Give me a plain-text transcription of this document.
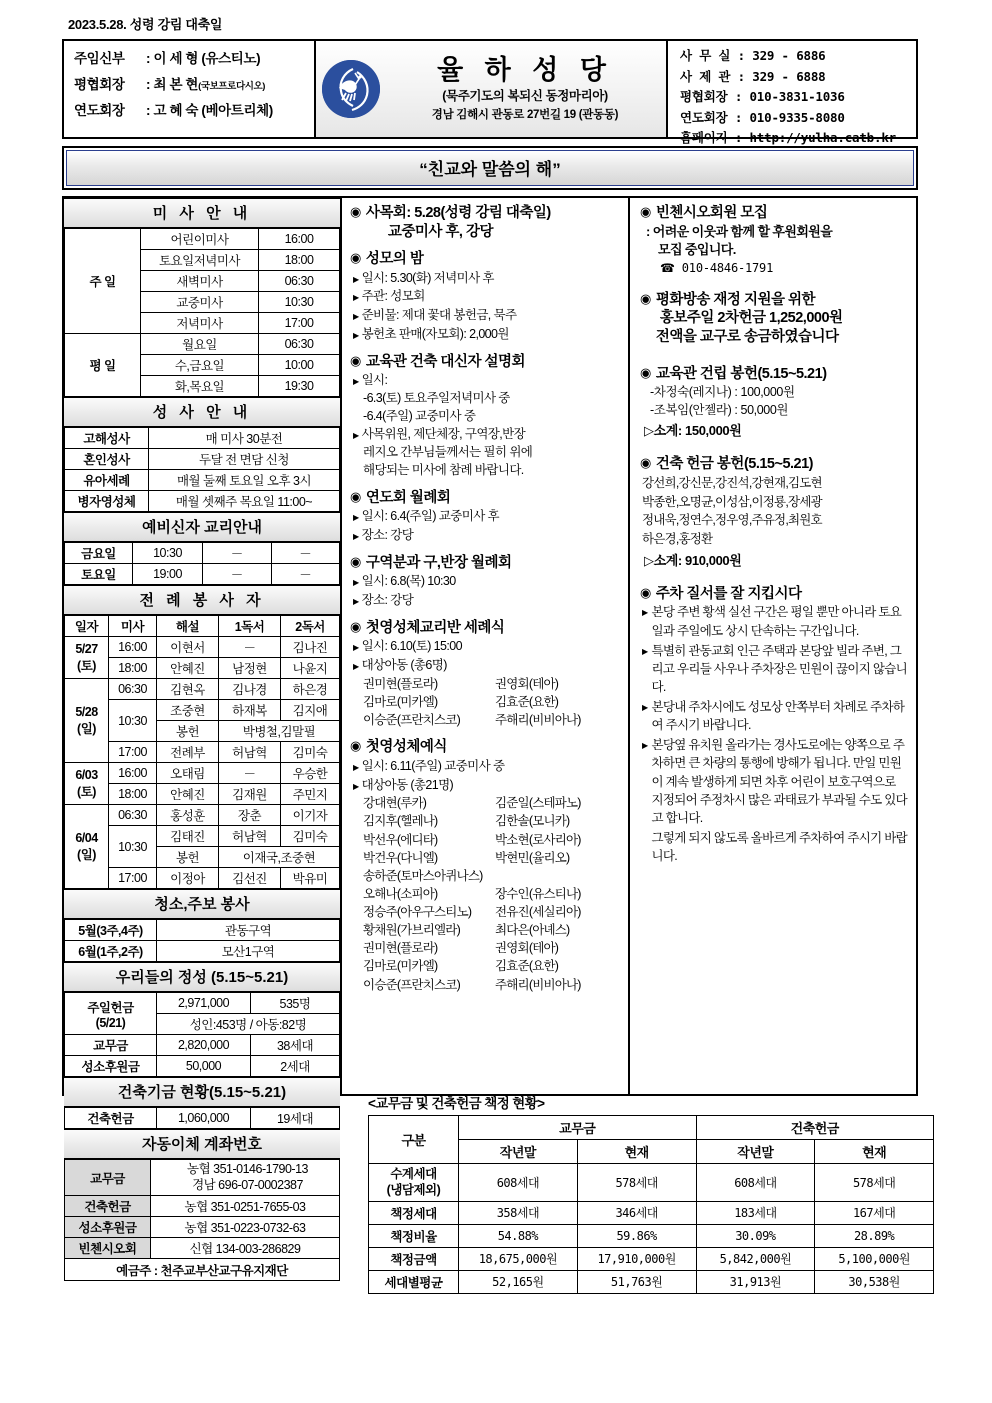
2023.5.28. 성령 강림 대축일
주임신부	: 이 세 형 (유스티노)
평협회장	: 최 본 현 (국보프로다시오)
연도회장	: 고 혜 숙 (베아트리체)
율 하 성 당
(묵주기도의 복되신 동정마리아)
경남 김해시 관동로 27번길 19 (관동동)
사 무 실 : 329 - 6886
사 제 관 : 329 - 6888
평협회장 : 010-3831-1036
연도회장 : 010-9335-8080
홈페이지 : http://yulha.catb.kr
“친교와 말씀의 해”
미 사 안 내
주 일	어린이미사	16:00
	토요일저녁미사	18:00
	새벽미사	06:30
	교중미사	10:30
	저녁미사	17:00
평 일	월요일	06:30
	수,금요일	10:00
	화,목요일	19:30
성 사 안 내
고해성사	매 미사 30분전
혼인성사	두달 전 면담 신청
유아세례	매월 둘째 토요일 오후 3시
병자영성체	매월 셋째주 목요일 11:00~
예비신자 교리안내
금요일	10:30	－	－
토요일	19:00	－	－
전 례 봉 사 자
일자	미사	해설	1독서	2독서
5/27
(토)	16:00	이현서	－	김나진
	18:00	안혜진	남정현	나윤지
5/28
(일)	06:30	김현옥	김나경	하은경
	10:30	조중현	하재복	김지애
		봉헌	박병철,김말필	
	17:00	전례부	허남혁	김미숙
6/03
(토)	16:00	오태림	－	우승한
	18:00	안혜진	김재원	주민지
6/04
(일)	06:30	홍성훈	장춘	이기자
	10:30	김태진	허남혁	김미숙
		봉헌	이재국,조중현	
	17:00	이정아	김선진	박유미
청소,주보 봉사
5월(3주,4주)	관동구역
6월(1주,2주)	모산1구역
우리들의 정성 (5.15~5.21)
주일헌금
(5/21)	2,971,000	535명
	성인:453명 / 아동:82명	
교무금	2,820,000	38세대
성소후원금	50,000	2세대
건축기금 현황(5.15~5.21)
건축헌금	1,060,000	19세대
자동이체 계좌번호
교무금	농협 351-0146-1790-13
경남 696-07-0002387
건축헌금	농협 351-0251-7655-03
성소후원금	농협 351-0223-0732-63
빈첸시오회	신협 134-003-286829
예금주 : 천주교부산교구유지재단	
◉ 사목회: 5.28(성령 강림 대축일)
교중미사 후, 강당
◉ 성모의 밤
▶ 일시: 5.30(화) 저녁미사 후
▶ 주관: 성모회
▶ 준비물: 제대 꽃대 봉헌금, 묵주
▶ 봉헌초 판매(자모회): 2,000원
◉ 교육관 건축 대신자 설명회
▶ 일시:
-6.3(토) 토요주일저녁미사 중
-6.4(주일) 교중미사 중
▶ 사목위원, 제단체장, 구역장,반장
레지오 간부님들께서는 필히 위에
해당되는 미사에 참례 바랍니다.
◉ 연도회 월례회
▶ 일시: 6.4(주일) 교중미사 후
▶ 장소: 강당
◉ 구역분과 구,반장 월례회
▶ 일시: 6.8(목) 10:30
▶ 장소: 강당
◉ 첫영성체교리반 세례식
▶ 일시: 6.10(토) 15:00
▶ 대상아동 (총6명)
권미현(플로라)	권영회(테아)
김마로(미카엘)	김효준(요한)
이승준(프란치스코)	주해리(비비아나)
◉ 첫영성체예식
▶ 일시: 6.11(주일) 교중미사 중
▶ 대상아동 (총21명)
강대현(루카)	김준일(스테파노)
김지후(헬레나)	김한솔(모니카)
박선우(에디타)	박소현(로사리아)
박건우(다니엘)	박현민(율리오)
송하준(토마스아퀴나스)
오해나(소피아)	장수인(유스티나)
정승주(아우구스티노)	전유진(세실리아)
황채원(가브리엘라)	최다은(아녜스)
권미현(플로라)	권영회(테아)
김마로(미카엘)	김효준(요한)
이승준(프란치스코)	주해리(비비아나)
◉ 빈첸시오회원 모집
: 어려운 이웃과 함께 할 후원회원을
모집 중입니다.
☎ 010-4846-1791
◉ 평화방송 재정 지원을 위한
홍보주일 2차헌금 1,252,000원
전액을 교구로 송금하였습니다
◉ 교육관 건립 봉헌(5.15~5.21)
-차정숙(레지나) : 100,000원
-조복임(안젤라) : 50,000원
▷소계: 150,000원
◉ 건축 헌금 봉헌(5.15~5.21)
강선희,강신문,강진석,강현재,김도현
박종한,오명균,이성삼,이정룡,장세광
정내욱,정연수,정우영,주유정,최원호
하은경,홍정환
▷소계: 910,000원
◉ 주차 질서를 잘 지킵시다
▶ 본당 주변 황색 실선 구간은 평일 뿐만 아니라 토요일과 주일에도 상시 단속하는 구간입니다.
▶ 특별히 관동교회 인근 주택과 본당앞 빌라 주변, 그리고 우리들 사우나 주차장은 민원이 끊이지 않습니다.
▶ 본당내 주차시에도 성모상 안쪽부터 차례로 주차하여 주시기 바랍니다.
▶ 본당옆 유치원 올라가는 경사도로에는 양쪽으로 주차하면 큰 차량의 통행에 방해가 됩니다. 만일 민원이 계속 발생하게 되면 차후 어린이 보호구역으로 지정되어 주정차시 많은 과태료가 부과될 수도 있다고 합니다.
그렇게 되지 않도록 올바르게 주차하여 주시기 바랍니다.
<교무금 및 건축헌금 책정 현황>
구분	교무금		건축헌금	
	작년말	현재	작년말	현재
수계세대
(냉담제외)	608세대	578세대	608세대	578세대
책정세대	358세대	346세대	183세대	167세대
책정비율	54.88%	59.86%	30.09%	28.89%
책정금액	18,675,000원	17,910,000원	5,842,000원	5,100,000원
세대별평균	52,165원	51,763원	31,913원	30,538원
